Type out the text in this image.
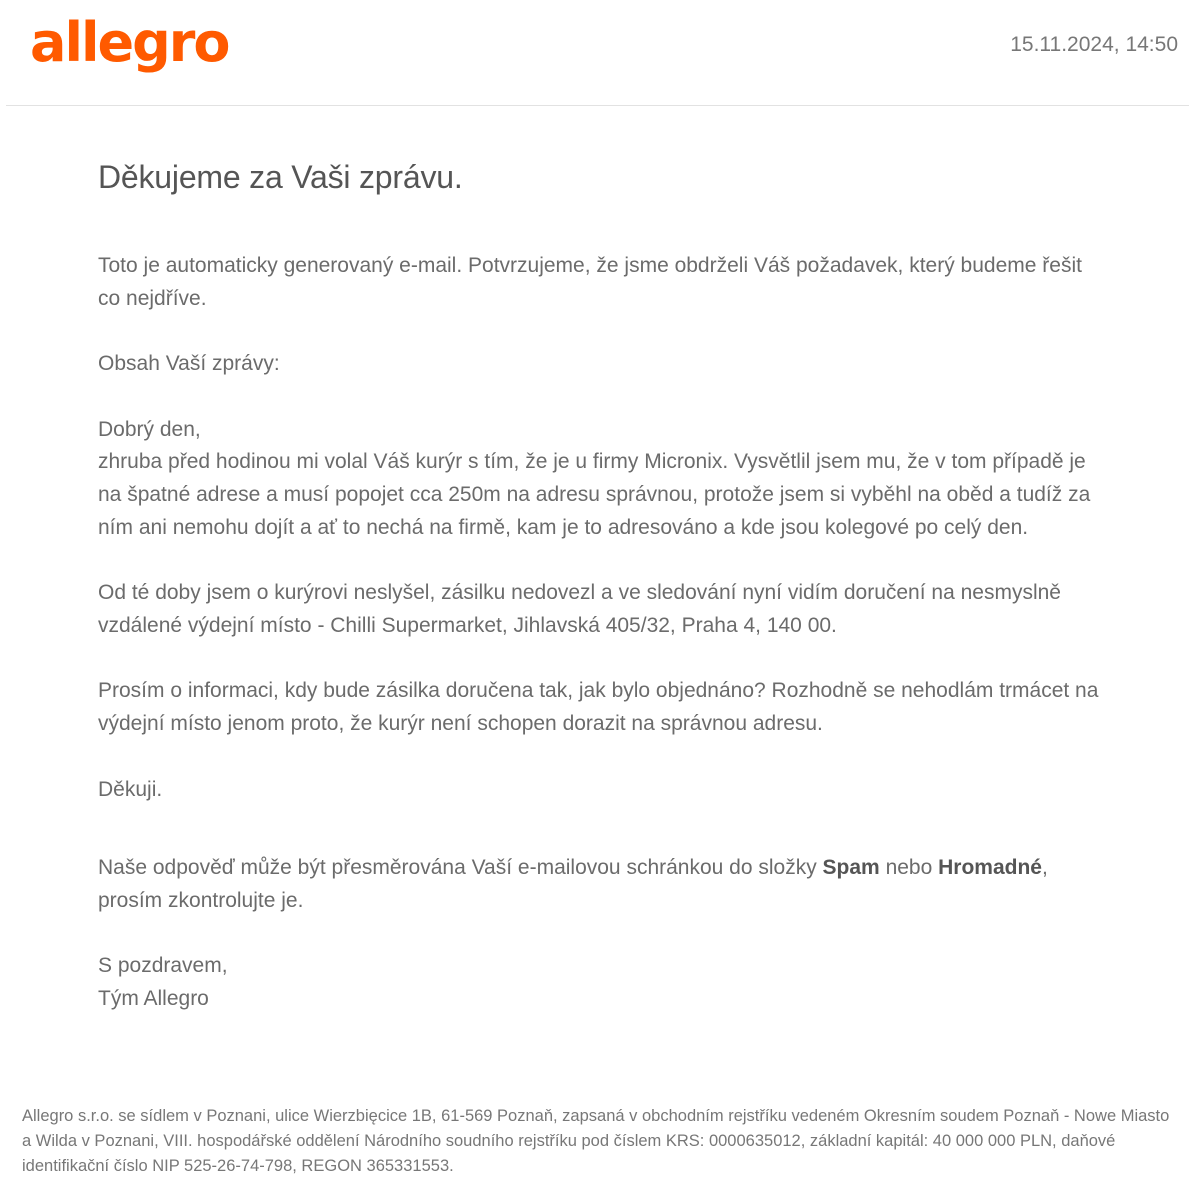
allegro	15.11.2024, 14:50
Děkujeme za Vaši zprávu.

Toto je automaticky generovaný e-mail. Potvrzujeme, že jsme obdrželi Váš požadavek, který budeme řešit co nejdříve.

Obsah Vaší zprávy:

Dobrý den,
zhruba před hodinou mi volal Váš kurýr s tím, že je u firmy Micronix. Vysvětlil jsem mu, že v tom případě je na špatné adrese a musí popojet cca 250m na adresu správnou, protože jsem si vyběhl na oběd a tudíž za ním ani nemohu dojít a ať to nechá na firmě, kam je to adresováno a kde jsou kolegové po celý den.

Od té doby jsem o kurýrovi neslyšel, zásilku nedovezl a ve sledování nyní vidím doručení na nesmyslně vzdálené výdejní místo - Chilli Supermarket, Jihlavská 405/32, Praha 4, 140 00.

Prosím o informaci, kdy bude zásilka doručena tak, jak bylo objednáno? Rozhodně se nehodlám trmácet na výdejní místo jenom proto, že kurýr není schopen dorazit na správnou adresu.

Děkuji.

Naše odpověď může být přesměrována Vaší e-mailovou schránkou do složky Spam nebo Hromadné, prosím zkontrolujte je.

S pozdravem,
Tým Allegro

Allegro s.r.o. se sídlem v Poznani, ulice Wierzbięcice 1B, 61-569 Poznaň, zapsaná v obchodním rejstříku vedeném Okresním soudem Poznaň - Nowe Miasto a Wilda v Poznani, VIII. hospodářské oddělení Národního soudního rejstříku pod číslem KRS: 0000635012, základní kapitál: 40 000 000 PLN, daňové identifikační číslo NIP 525-26-74-798, REGON 365331553.
